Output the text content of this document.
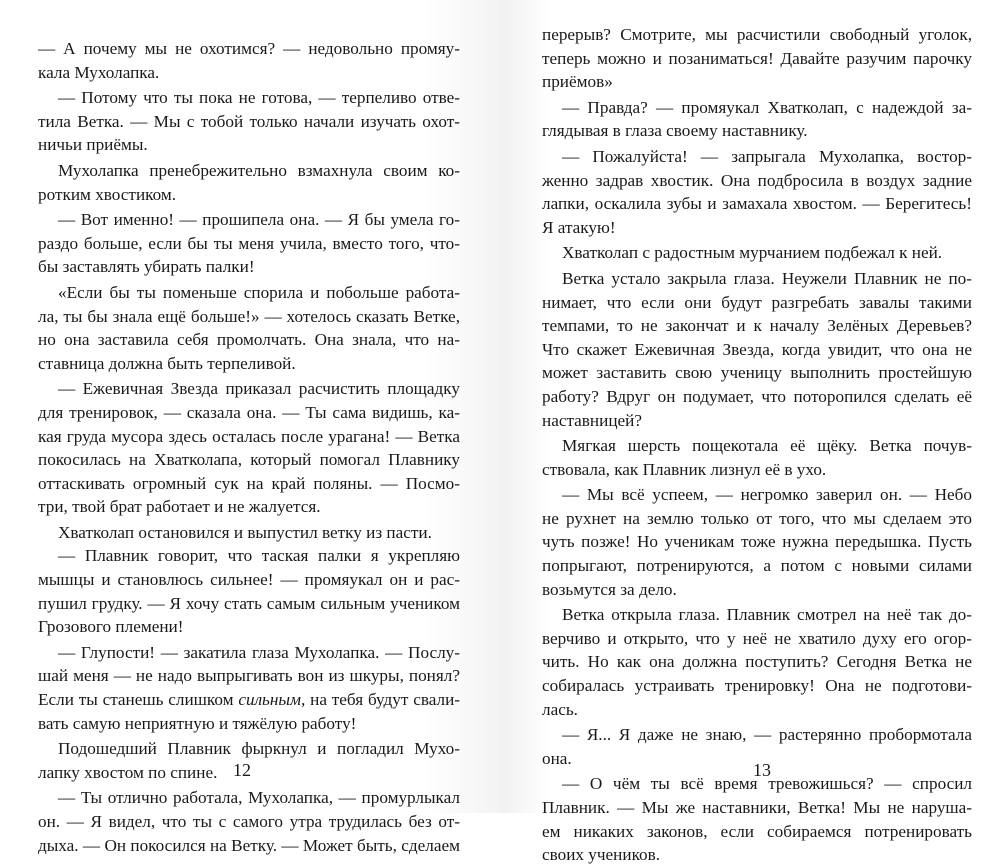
— А почему мы не охотимся? — недовольно промяу-
кала Мухолапка.
— Потому что ты пока не готова, — терпеливо отве-
тила Ветка. — Мы с тобой только начали изучать охот-
ничьи приёмы.
Мухолапка пренебрежительно взмахнула своим ко-
ротким хвостиком.
— Вот именно! — прошипела она. — Я бы умела го-
раздо больше, если бы ты меня учила, вместо того, что-
бы заставлять убирать палки!
«Если бы ты поменьше спорила и побольше работа-
ла, ты бы знала ещё больше!» — хотелось сказать Ветке,
но она заставила себя промолчать. Она знала, что на-
ставница должна быть терпеливой.
— Ежевичная Звезда приказал расчистить площадку
для тренировок, — сказала она. — Ты сама видишь, ка-
кая груда мусора здесь осталась после урагана! — Ветка
покосилась на Хватколапа, который помогал Плавнику
оттаскивать огромный сук на край поляны. — Посмо-
три, твой брат работает и не жалуется.
Хватколап остановился и выпустил ветку из пасти.
— Плавник говорит, что таская палки я укрепляю
мышцы и становлюсь сильнее! — промяукал он и рас-
пушил грудку. — Я хочу стать самым сильным учеником
Грозового племени!
— Глупости! — закатила глаза Мухолапка. — Послу-
шай меня — не надо выпрыгивать вон из шкуры, понял?
Если ты станешь слишком сильным, на тебя будут свали-
вать самую неприятную и тяжёлую работу!
Подошедший Плавник фыркнул и погладил Мухо-
лапку хвостом по спине.
— Ты отлично работала, Мухолапка, — промурлыкал
он. — Я видел, что ты с самого утра трудилась без от-
дыха. — Он покосился на Ветку. — Может быть, сделаем
12
перерыв? Смотрите, мы расчистили свободный уголок,
теперь можно и позаниматься! Давайте разучим парочку
приёмов»
— Правда? — промяукал Хватколап, с надеждой за-
глядывая в глаза своему наставнику.
— Пожалуйста! — запрыгала Мухолапка, востор-
женно задрав хвостик. Она подбросила в воздух задние
лапки, оскалила зубы и замахала хвостом. — Берегитесь!
Я атакую!
Хватколап с радостным мурчанием подбежал к ней.
Ветка устало закрыла глаза. Неужели Плавник не по-
нимает, что если они будут разгребать завалы такими
темпами, то не закончат и к началу Зелёных Деревьев?
Что скажет Ежевичная Звезда, когда увидит, что она не
может заставить свою ученицу выполнить простейшую
работу? Вдруг он подумает, что поторопился сделать её
наставницей?
Мягкая шерсть пощекотала её щёку. Ветка почув-
ствовала, как Плавник лизнул её в ухо.
— Мы всё успеем, — негромко заверил он. — Небо
не рухнет на землю только от того, что мы сделаем это
чуть позже! Но ученикам тоже нужна передышка. Пусть
попрыгают, потренируются, а потом с новыми силами
возьмутся за дело.
Ветка открыла глаза. Плавник смотрел на неё так до-
верчиво и открыто, что у неё не хватило духу его огор-
чить. Но как она должна поступить? Сегодня Ветка не
собиралась устраивать тренировку! Она не подготови-
лась.
— Я... Я даже не знаю, — растерянно пробормотала
она.
— О чём ты всё время тревожишься? — спросил
Плавник. — Мы же наставники, Ветка! Мы не наруша-
ем никаких законов, если собираемся потренировать
своих учеников.
13
